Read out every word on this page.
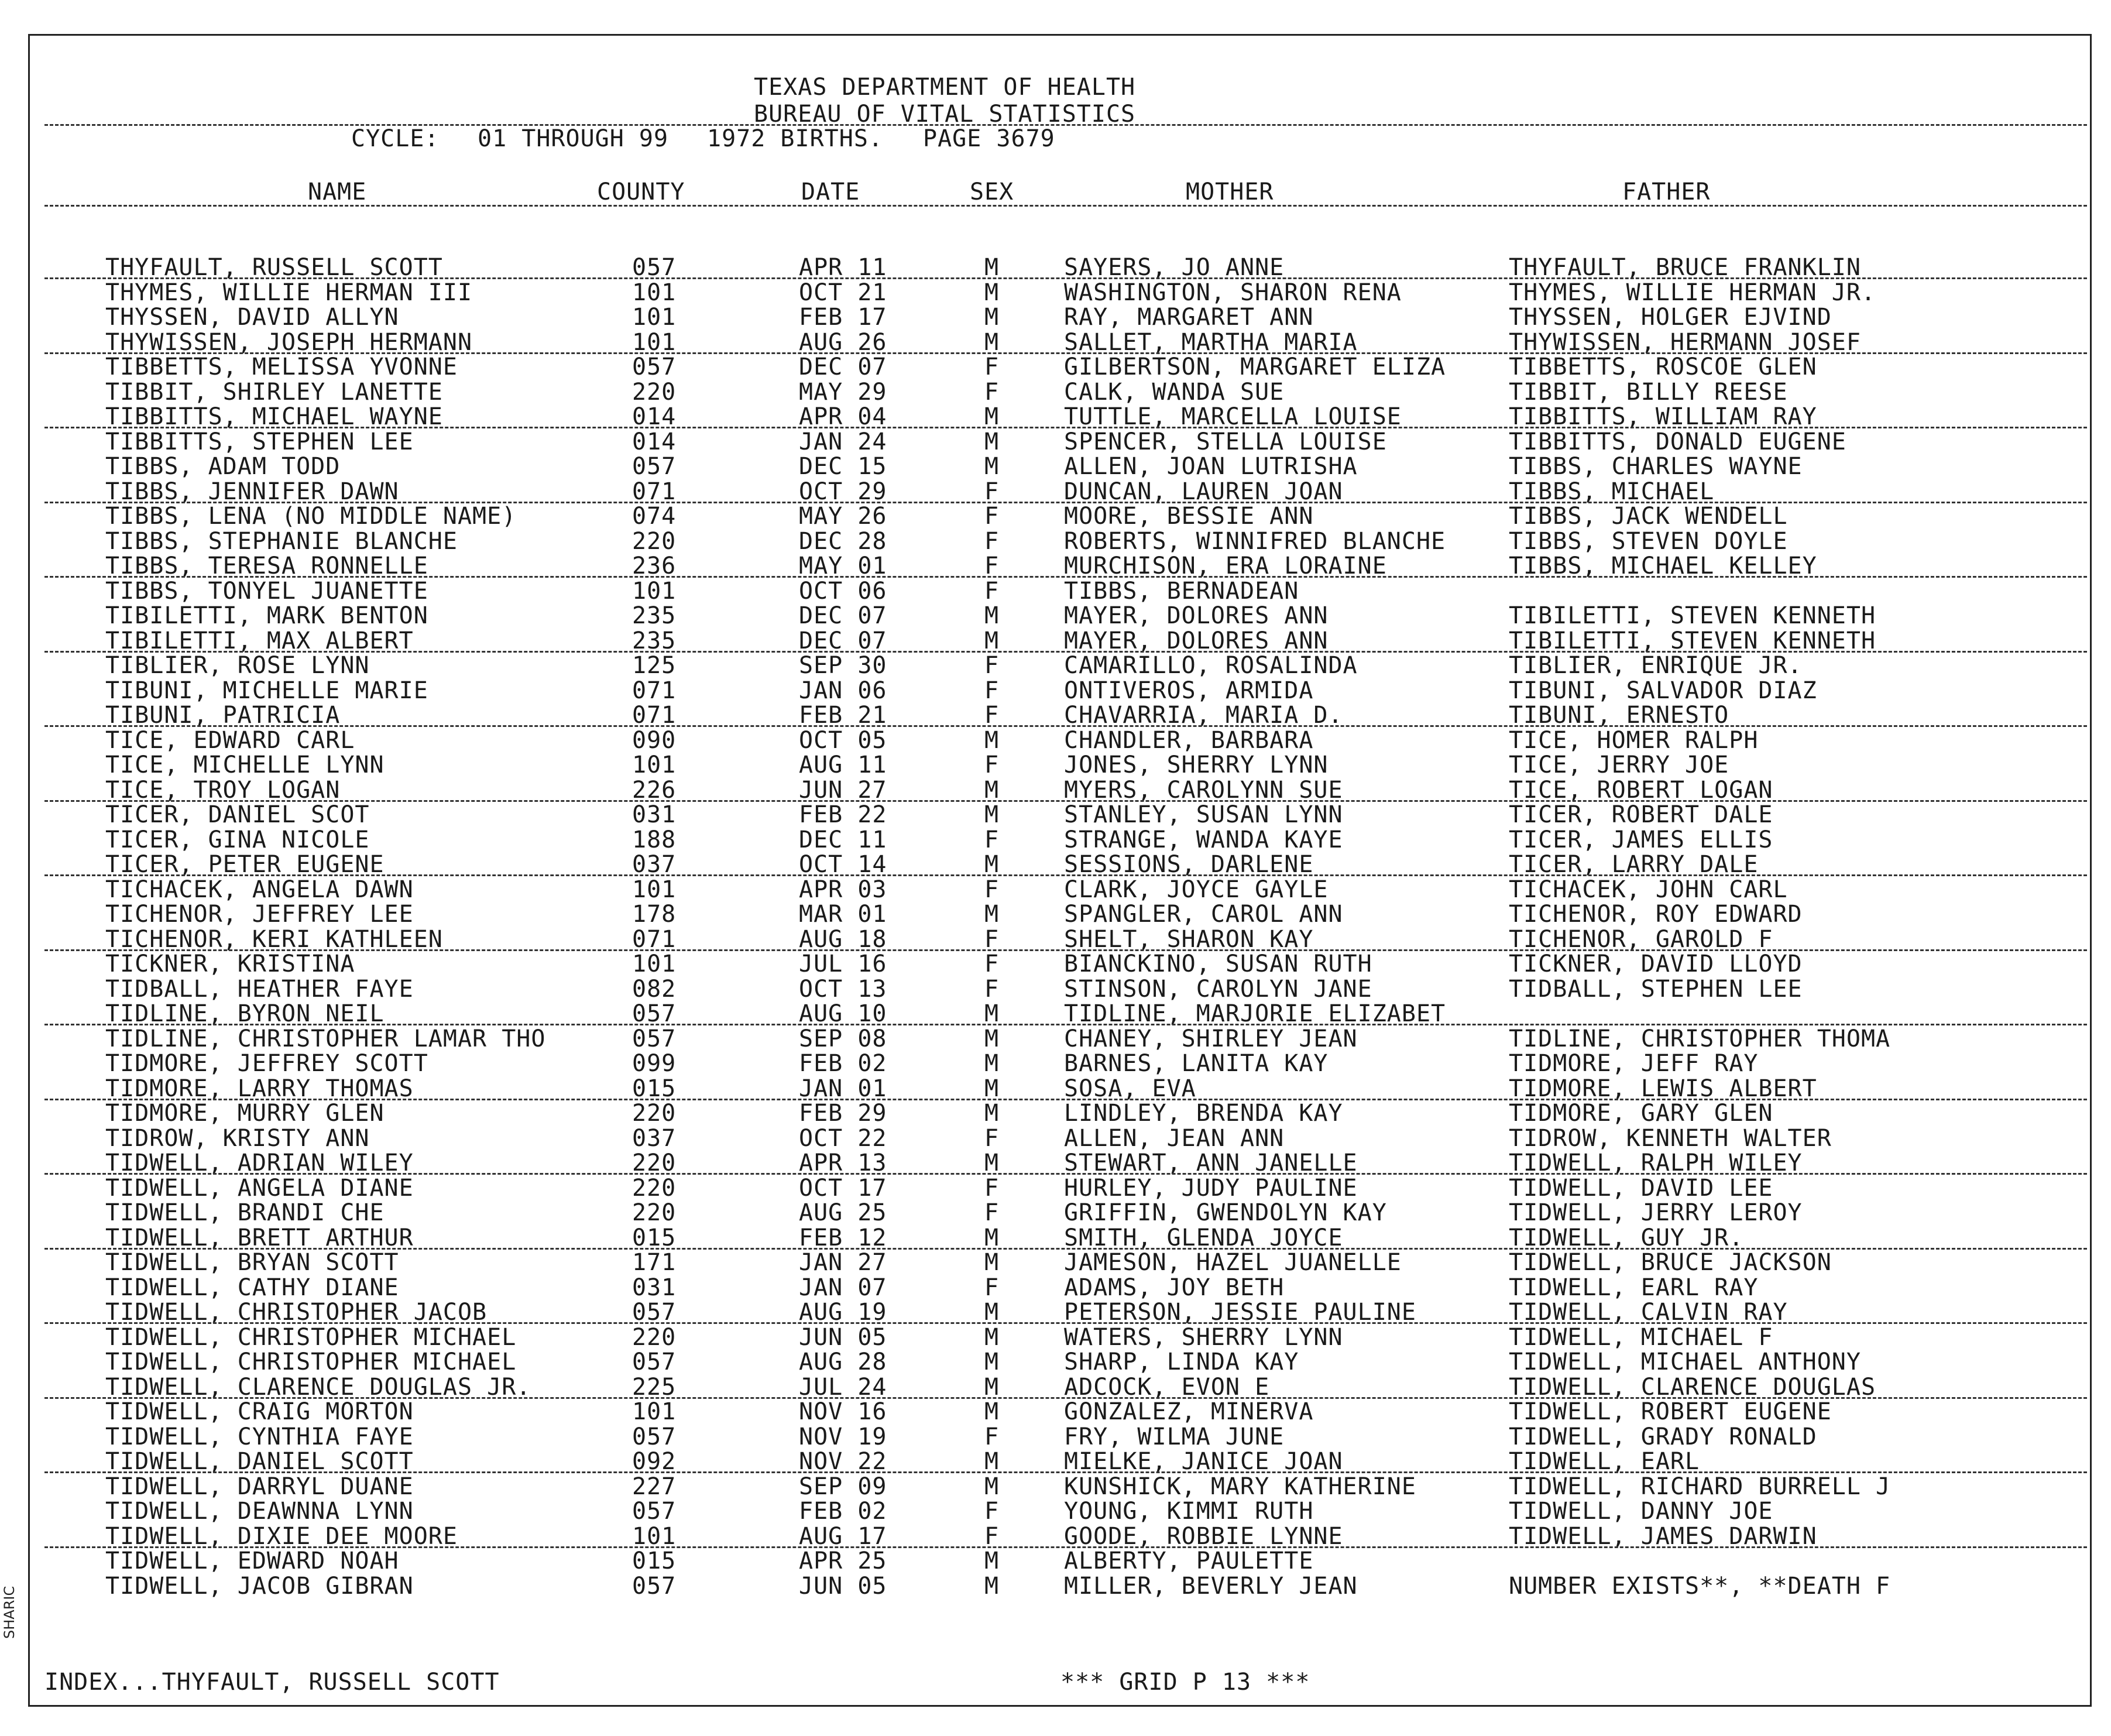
SHARIC
TEXAS DEPARTMENT OF HEALTH
BUREAU OF VITAL STATISTICS
CYCLE: 01 THROUGH 99 1972 BIRTHS. PAGE 3679
NAME	COUNTY	DATE	SEX	MOTHER	FATHER
THYFAULT, RUSSELL SCOTT	057	APR 11	M	SAYERS, JO ANNE	THYFAULT, BRUCE FRANKLIN
THYMES, WILLIE HERMAN III	101	OCT 21	M	WASHINGTON, SHARON RENA	THYMES, WILLIE HERMAN JR.
THYSSEN, DAVID ALLYN	101	FEB 17	M	RAY, MARGARET ANN	THYSSEN, HOLGER EJVIND
THYWISSEN, JOSEPH HERMANN	101	AUG 26	M	SALLET, MARTHA MARIA	THYWISSEN, HERMANN JOSEF
TIBBETTS, MELISSA YVONNE	057	DEC 07	F	GILBERTSON, MARGARET ELIZA	TIBBETTS, ROSCOE GLEN
TIBBIT, SHIRLEY LANETTE	220	MAY 29	F	CALK, WANDA SUE	TIBBIT, BILLY REESE
TIBBITTS, MICHAEL WAYNE	014	APR 04	M	TUTTLE, MARCELLA LOUISE	TIBBITTS, WILLIAM RAY
TIBBITTS, STEPHEN LEE	014	JAN 24	M	SPENCER, STELLA LOUISE	TIBBITTS, DONALD EUGENE
TIBBS, ADAM TODD	057	DEC 15	M	ALLEN, JOAN LUTRISHA	TIBBS, CHARLES WAYNE
TIBBS, JENNIFER DAWN	071	OCT 29	F	DUNCAN, LAUREN JOAN	TIBBS, MICHAEL
TIBBS, LENA (NO MIDDLE NAME)	074	MAY 26	F	MOORE, BESSIE ANN	TIBBS, JACK WENDELL
TIBBS, STEPHANIE BLANCHE	220	DEC 28	F	ROBERTS, WINNIFRED BLANCHE	TIBBS, STEVEN DOYLE
TIBBS, TERESA RONNELLE	236	MAY 01	F	MURCHISON, ERA LORAINE	TIBBS, MICHAEL KELLEY
TIBBS, TONYEL JUANETTE	101	OCT 06	F	TIBBS, BERNADEAN
TIBILETTI, MARK BENTON	235	DEC 07	M	MAYER, DOLORES ANN	TIBILETTI, STEVEN KENNETH
TIBILETTI, MAX ALBERT	235	DEC 07	M	MAYER, DOLORES ANN	TIBILETTI, STEVEN KENNETH
TIBLIER, ROSE LYNN	125	SEP 30	F	CAMARILLO, ROSALINDA	TIBLIER, ENRIQUE JR.
TIBUNI, MICHELLE MARIE	071	JAN 06	F	ONTIVEROS, ARMIDA	TIBUNI, SALVADOR DIAZ
TIBUNI, PATRICIA	071	FEB 21	F	CHAVARRIA, MARIA D.	TIBUNI, ERNESTO
TICE, EDWARD CARL	090	OCT 05	M	CHANDLER, BARBARA	TICE, HOMER RALPH
TICE, MICHELLE LYNN	101	AUG 11	F	JONES, SHERRY LYNN	TICE, JERRY JOE
TICE, TROY LOGAN	226	JUN 27	M	MYERS, CAROLYNN SUE	TICE, ROBERT LOGAN
TICER, DANIEL SCOT	031	FEB 22	M	STANLEY, SUSAN LYNN	TICER, ROBERT DALE
TICER, GINA NICOLE	188	DEC 11	F	STRANGE, WANDA KAYE	TICER, JAMES ELLIS
TICER, PETER EUGENE	037	OCT 14	M	SESSIONS, DARLENE	TICER, LARRY DALE
TICHACEK, ANGELA DAWN	101	APR 03	F	CLARK, JOYCE GAYLE	TICHACEK, JOHN CARL
TICHENOR, JEFFREY LEE	178	MAR 01	M	SPANGLER, CAROL ANN	TICHENOR, ROY EDWARD
TICHENOR, KERI KATHLEEN	071	AUG 18	F	SHELT, SHARON KAY	TICHENOR, GAROLD F
TICKNER, KRISTINA	101	JUL 16	F	BIANCKINO, SUSAN RUTH	TICKNER, DAVID LLOYD
TIDBALL, HEATHER FAYE	082	OCT 13	F	STINSON, CAROLYN JANE	TIDBALL, STEPHEN LEE
TIDLINE, BYRON NEIL	057	AUG 10	M	TIDLINE, MARJORIE ELIZABET
TIDLINE, CHRISTOPHER LAMAR THO	057	SEP 08	M	CHANEY, SHIRLEY JEAN	TIDLINE, CHRISTOPHER THOMA
TIDMORE, JEFFREY SCOTT	099	FEB 02	M	BARNES, LANITA KAY	TIDMORE, JEFF RAY
TIDMORE, LARRY THOMAS	015	JAN 01	M	SOSA, EVA	TIDMORE, LEWIS ALBERT
TIDMORE, MURRY GLEN	220	FEB 29	M	LINDLEY, BRENDA KAY	TIDMORE, GARY GLEN
TIDROW, KRISTY ANN	037	OCT 22	F	ALLEN, JEAN ANN	TIDROW, KENNETH WALTER
TIDWELL, ADRIAN WILEY	220	APR 13	M	STEWART, ANN JANELLE	TIDWELL, RALPH WILEY
TIDWELL, ANGELA DIANE	220	OCT 17	F	HURLEY, JUDY PAULINE	TIDWELL, DAVID LEE
TIDWELL, BRANDI CHE	220	AUG 25	F	GRIFFIN, GWENDOLYN KAY	TIDWELL, JERRY LEROY
TIDWELL, BRETT ARTHUR	015	FEB 12	M	SMITH, GLENDA JOYCE	TIDWELL, GUY JR.
TIDWELL, BRYAN SCOTT	171	JAN 27	M	JAMESON, HAZEL JUANELLE	TIDWELL, BRUCE JACKSON
TIDWELL, CATHY DIANE	031	JAN 07	F	ADAMS, JOY BETH	TIDWELL, EARL RAY
TIDWELL, CHRISTOPHER JACOB	057	AUG 19	M	PETERSON, JESSIE PAULINE	TIDWELL, CALVIN RAY
TIDWELL, CHRISTOPHER MICHAEL	220	JUN 05	M	WATERS, SHERRY LYNN	TIDWELL, MICHAEL F
TIDWELL, CHRISTOPHER MICHAEL	057	AUG 28	M	SHARP, LINDA KAY	TIDWELL, MICHAEL ANTHONY
TIDWELL, CLARENCE DOUGLAS JR.	225	JUL 24	M	ADCOCK, EVON E	TIDWELL, CLARENCE DOUGLAS
TIDWELL, CRAIG MORTON	101	NOV 16	M	GONZALEZ, MINERVA	TIDWELL, ROBERT EUGENE
TIDWELL, CYNTHIA FAYE	057	NOV 19	F	FRY, WILMA JUNE	TIDWELL, GRADY RONALD
TIDWELL, DANIEL SCOTT	092	NOV 22	M	MIELKE, JANICE JOAN	TIDWELL, EARL
TIDWELL, DARRYL DUANE	227	SEP 09	M	KUNSHICK, MARY KATHERINE	TIDWELL, RICHARD BURRELL J
TIDWELL, DEAWNNA LYNN	057	FEB 02	F	YOUNG, KIMMI RUTH	TIDWELL, DANNY JOE
TIDWELL, DIXIE DEE MOORE	101	AUG 17	F	GOODE, ROBBIE LYNNE	TIDWELL, JAMES DARWIN
TIDWELL, EDWARD NOAH	015	APR 25	M	ALBERTY, PAULETTE
TIDWELL, JACOB GIBRAN	057	JUN 05	M	MILLER, BEVERLY JEAN	NUMBER EXISTS**, **DEATH F
INDEX...THYFAULT, RUSSELL SCOTT	*** GRID P 13 ***
